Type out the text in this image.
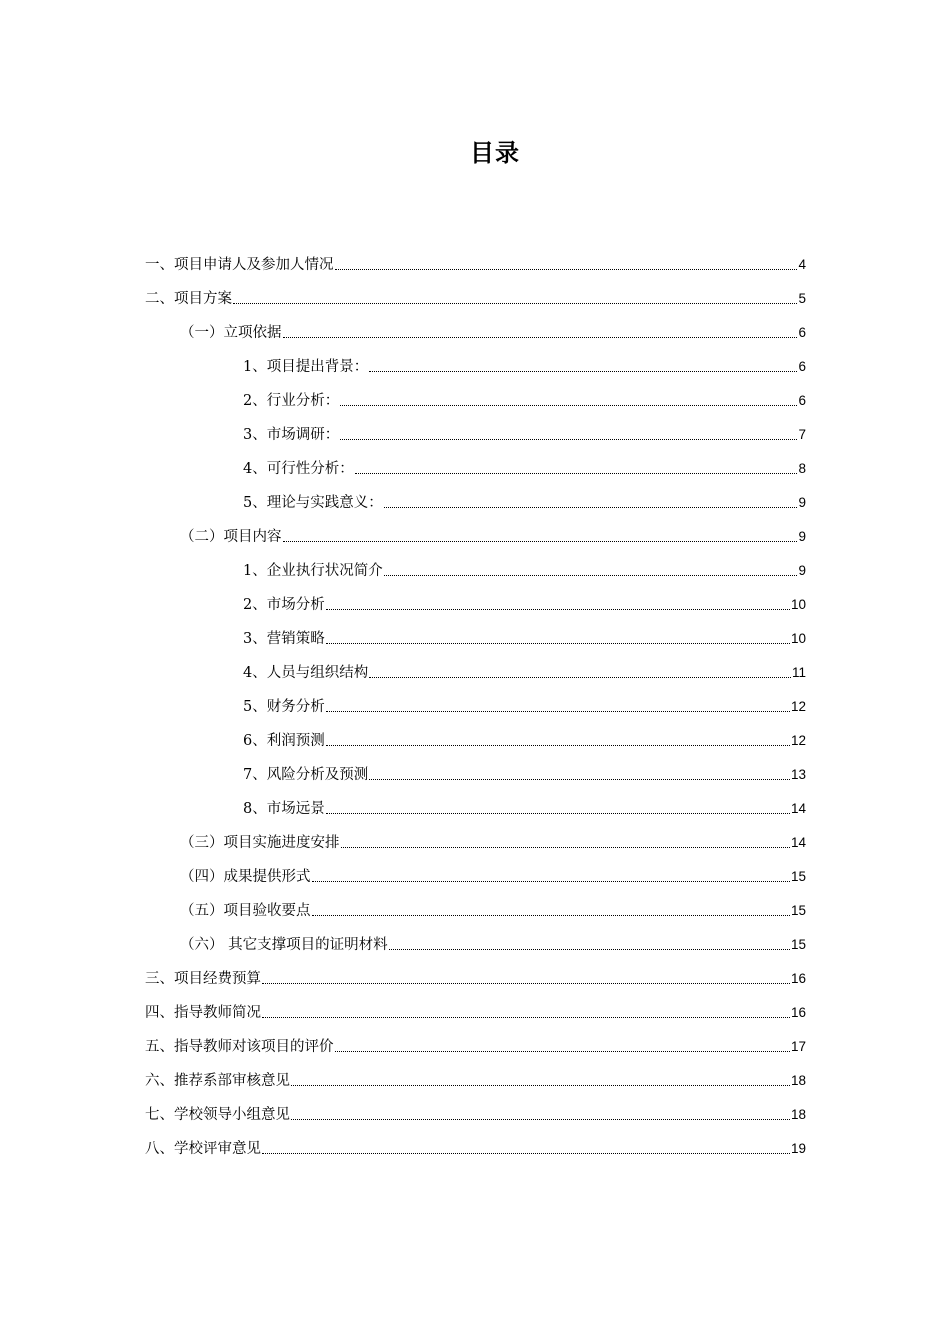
目录
一、项目申请人及参加人情况	4
二、项目方案	5
（一）立项依据	6
1、项目提出背景：	6
2、行业分析：	6
3、市场调研：	7
4、可行性分析：	8
5、理论与实践意义：	9
（二）项目内容	9
1、企业执行状况简介	9
2、市场分析	10
3、营销策略	10
4、人员与组织结构	11
5、财务分析	12
6、利润预测	12
7、风险分析及预测	13
8、市场远景	14
（三）项目实施进度安排	14
（四）成果提供形式	15
（五）项目验收要点	15
（六） 其它支撑项目的证明材料	15
三、项目经费预算	16
四、指导教师简况	16
五、指导教师对该项目的评价	17
六、推荐系部审核意见	18
七、学校领导小组意见	18
八、学校评审意见	19
